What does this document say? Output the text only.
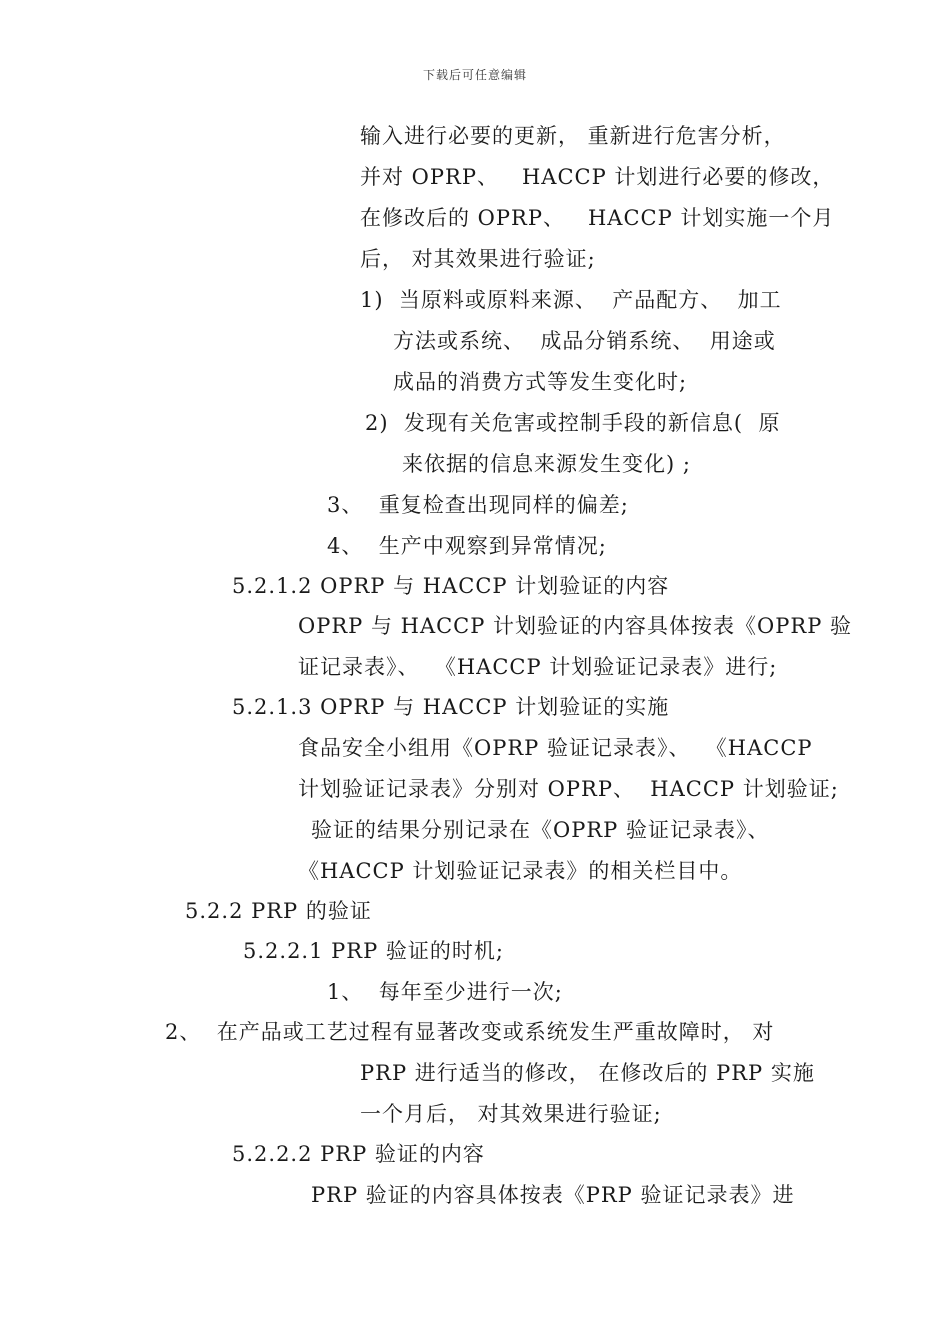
下载后可任意编辑
输入进行必要的更新， 重新进行危害分析，
并对 OPRP、   HACCP 计划进行必要的修改，
在修改后的 OPRP、   HACCP 计划实施一个月
后， 对其效果进行验证;
1)  当原料或原料来源、  产品配方、  加工
方法或系统、  成品分销系统、  用途或
成品的消费方式等发生变化时;
2)  发现有关危害或控制手段的新信息(  原
来依据的信息来源发生变化) ;
3、  重复检查出现同样的偏差;
4、  生产中观察到异常情况;
5.2.1.2 OPRP 与 HACCP 计划验证的内容
OPRP 与 HACCP 计划验证的内容具体按表《OPRP 验
证记录表》、  《HACCP 计划验证记录表》进行;
5.2.1.3 OPRP 与 HACCP 计划验证的实施
食品安全小组用《OPRP 验证记录表》、  《HACCP
计划验证记录表》分别对 OPRP、  HACCP 计划验证;
验证的结果分别记录在《OPRP 验证记录表》、
《HACCP 计划验证记录表》的相关栏目中。
5.2.2 PRP 的验证
5.2.2.1 PRP 验证的时机;
1、  每年至少进行一次;
2、  在产品或工艺过程有显著改变或系统发生严重故障时， 对
PRP 进行适当的修改， 在修改后的 PRP 实施
一个月后， 对其效果进行验证;
5.2.2.2 PRP 验证的内容
PRP 验证的内容具体按表《PRP 验证记录表》进
